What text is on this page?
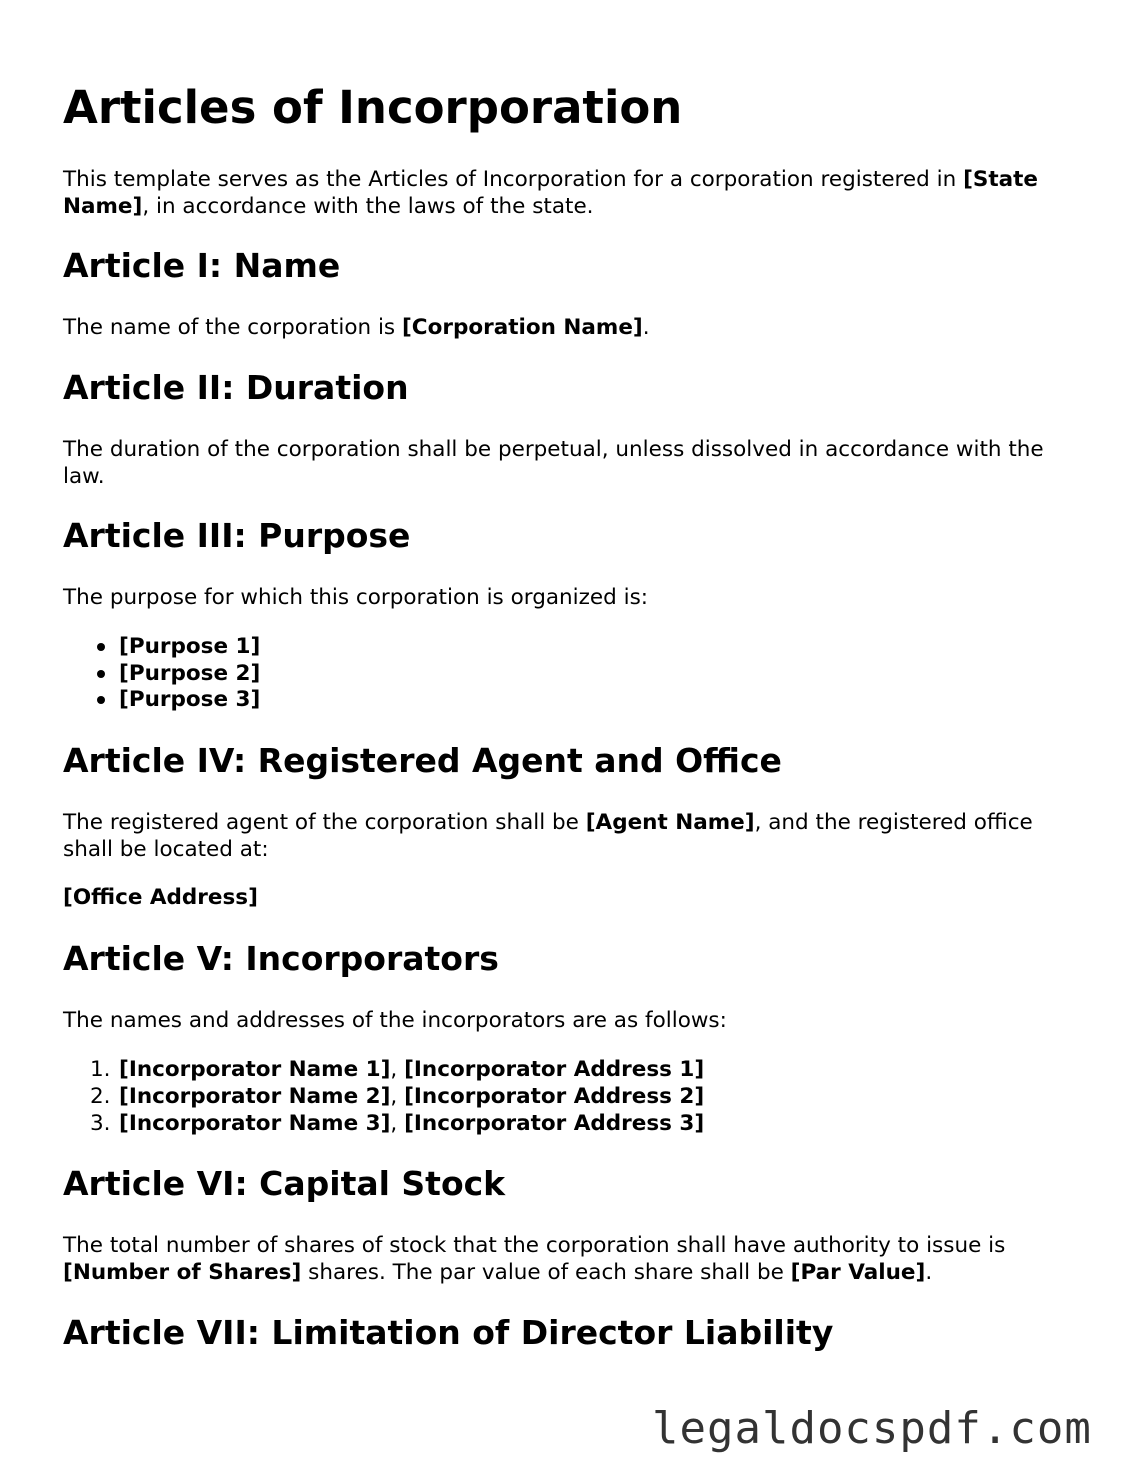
Articles of Incorporation

This template serves as the Articles of Incorporation for a corporation registered in [State Name], in accordance with the laws of the state.

Article I: Name

The name of the corporation is [Corporation Name].

Article II: Duration

The duration of the corporation shall be perpetual, unless dissolved in accordance with the law.

Article III: Purpose

The purpose for which this corporation is organized is:

[Purpose 1]

[Purpose 2]

[Purpose 3]

Article IV: Registered Agent and Office

The registered agent of the corporation shall be [Agent Name], and the registered office shall be located at:

[Office Address]

Article V: Incorporators

The names and addresses of the incorporators are as follows:

1. [Incorporator Name 1], [Incorporator Address 1]

2. [Incorporator Name 2], [Incorporator Address 2]

3. [Incorporator Name 3], [Incorporator Address 3]

Article VI: Capital Stock

The total number of shares of stock that the corporation shall have authority to issue is [Number of Shares] shares. The par value of each share shall be [Par Value].

Article VII: Limitation of Director Liability
legaldocspdf.com
